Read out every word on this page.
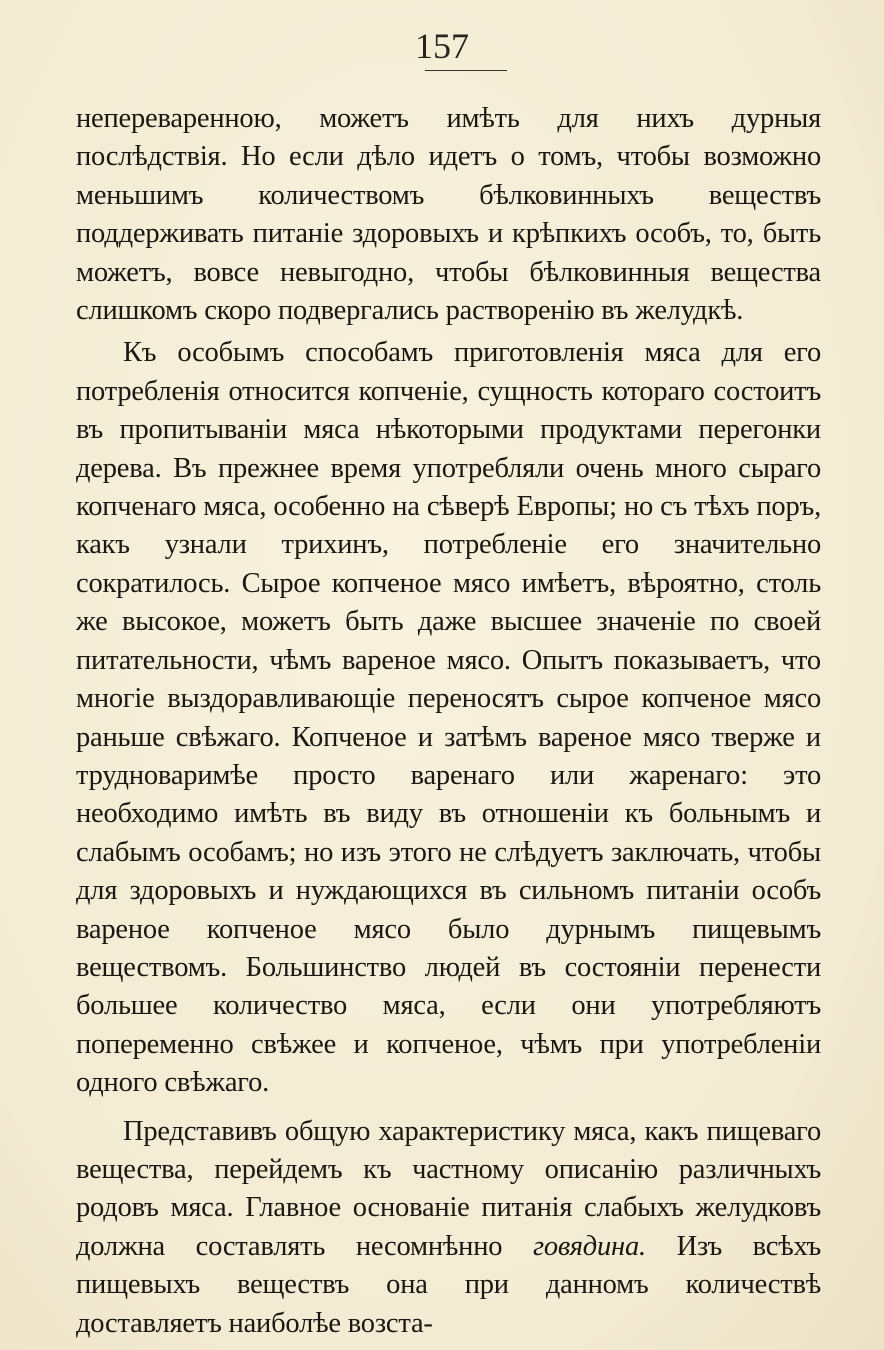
157

непереваренною, можетъ имѣть для нихъ дурныя послѣдствія. Но если дѣло идетъ о томъ, чтобы возможно меньшимъ количествомъ бѣлковинныхъ веществъ поддерживать питаніе здоровыхъ и крѣпкихъ особъ, то, быть можетъ, вовсе невыгодно, чтобы бѣлковинныя вещества слишкомъ скоро подвергались растворенію въ желудкѣ.

Къ особымъ способамъ приготовленія мяса для его потребленія относится копченіе, сущность котораго состоитъ въ пропитываніи мяса нѣкоторыми продуктами перегонки дерева. Въ прежнее время употребляли очень много сыраго копченаго мяса, особенно на сѣверѣ Европы; но съ тѣхъ поръ, какъ узнали трихинъ, потребленіе его значительно сократилось. Сырое копченое мясо имѣетъ, вѣроятно, столь же высокое, можетъ быть даже высшее значеніе по своей питательности, чѣмъ вареное мясо. Опытъ показываетъ, что многіе выздоравливающіе переносятъ сырое копченое мясо раньше свѣжаго. Копченое и затѣмъ вареное мясо тверже и трудноваримѣе просто варенаго или жаренаго: это необходимо имѣть въ виду въ отношеніи къ больнымъ и слабымъ особамъ; но изъ этого не слѣдуетъ заключать, чтобы для здоровыхъ и нуждающихся въ сильномъ питаніи особъ вареное копченое мясо было дурнымъ пищевымъ веществомъ. Большинство людей въ состояніи перенести большее количество мяса, если они употребляютъ попеременно свѣжее и копченое, чѣмъ при употребленіи одного свѣжаго.

Представивъ общую характеристику мяса, какъ пищеваго вещества, перейдемъ къ частному описанію различныхъ родовъ мяса. Главное основаніе питанія слабыхъ желудковъ должна составлять несомнѣнно говядина. Изъ всѣхъ пищевыхъ веществъ она при данномъ количествѣ доставляетъ наиболѣе возста-
